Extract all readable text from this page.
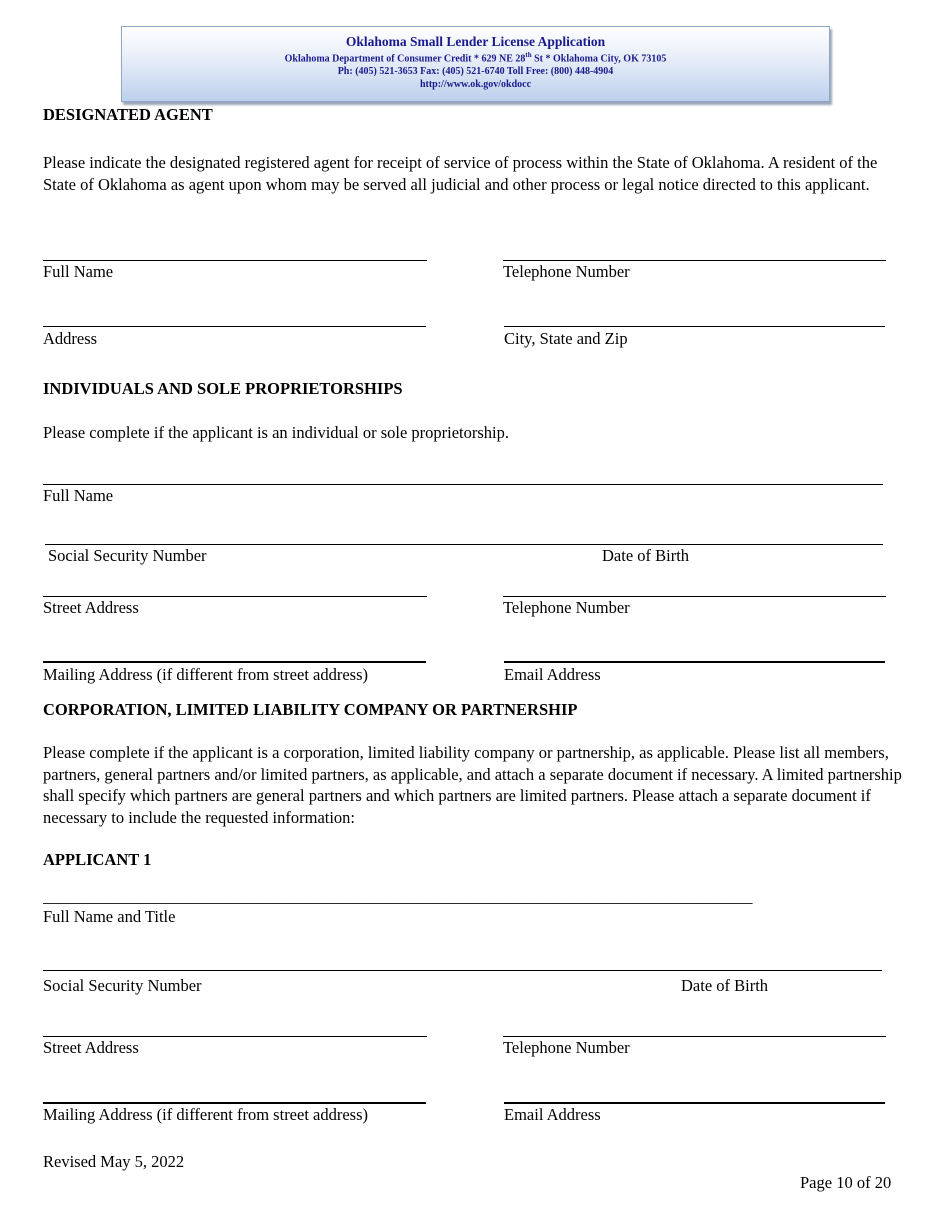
Oklahoma Small Lender License Application
Oklahoma Department of Consumer Credit * 629 NE 28th St * Oklahoma City, OK 73105
Ph: (405) 521-3653 Fax: (405) 521-6740 Toll Free: (800) 448-4904
http://www.ok.gov/okdocc
DESIGNATED AGENT
Please indicate the designated registered agent for receipt of service of process within the State of Oklahoma. A resident of the State of Oklahoma as agent upon whom may be served all judicial and other process or legal notice directed to this applicant.
Full Name	Telephone Number
Address	City, State and Zip
INDIVIDUALS AND SOLE PROPRIETORSHIPS
Please complete if the applicant is an individual or sole proprietorship.
Full Name
Social Security Number	Date of Birth
Street Address	Telephone Number
Mailing Address (if different from street address)	Email Address
CORPORATION, LIMITED LIABILITY COMPANY OR PARTNERSHIP
Please complete if the applicant is a corporation, limited liability company or partnership, as applicable. Please list all members, partners, general partners and/or limited partners, as applicable, and attach a separate document if necessary. A limited partnership shall specify which partners are general partners and which partners are limited partners. Please attach a separate document if necessary to include the requested information:
APPLICANT 1
______________________________________________________________________________________
Full Name and Title
Social Security Number	Date of Birth
Street Address	Telephone Number
Mailing Address (if different from street address)	Email Address
Revised May 5, 2022
Page 10 of 20
